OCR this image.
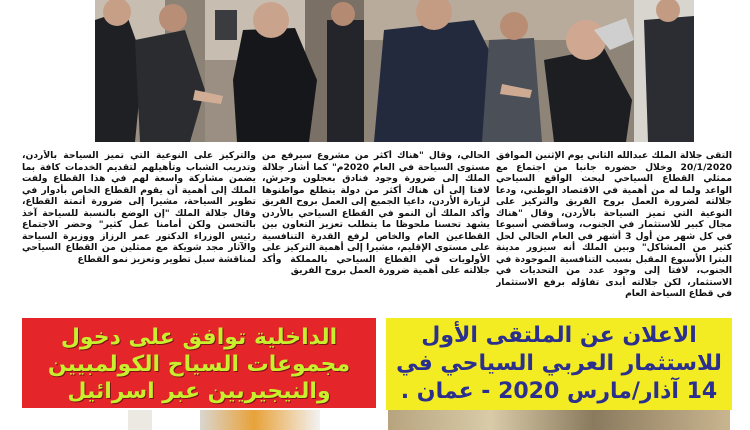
التقى جلالة الملك عبدالله الثاني يوم الإثنين الموافق 20/1/2020 وخلال حضوره جانبا من اجتماع مع ممثلي القطاع السياحي لبحث الواقع السياحي الواعد ولما له من أهمية في الاقتصاد الوطني، ودعا جلالته لضرورة العمل بروح الفريق والتركيز على النوعية التي تميز السياحة بالأردن، وقال "هناك مجال كبير للاستثمار في الجنوب، وسأقضي أسبوعا في كل شهر من أول 3 أشهر في العام الحالي لحل كثير من المشاكل" وبين الملك أنه سيزور مدينة البترا الأسبوع المقبل بسبب التنافسية الموجودة في الجنوب، لافتا إلى وجود عدد من التحديات في الاستثمار، لكن جلالته أبدى تفاؤله برفع الاستثمار في قطاع السياحة العام

الحالي، وقال "هناك أكثر من مشروع سيرفع من مستوى السياحة في العام 2020م" كما أشار جلالة الملك إلى ضرورة وجود فنادق بعجلون وجرش، لافتا إلى أن هناك أكثر من دولة يتطلع مواطنوها لزيارة الأردن، داعيا الجميع إلى العمل بروح الفريق وأكد الملك أن النمو في القطاع السياحي بالأردن يشهد تحسنا ملحوظا ما يتطلب تعزيز التعاون بين القطاعين العام والخاص لرفع القدرة التنافسية على مستوى الإقليم، مشيرا إلى أهمية التركيز على الأولويات في القطاع السياحي بالمملكة وأكد جلالته على أهمية ضرورة العمل بروح الفريق

والتركيز على النوعية التي تميز السياحة بالأردن، وتدريب الشباب وتأهيلهم لتقديم الخدمات كافة بما يضمن مشاركة واسعة لهم في هذا القطاع ولفت الملك إلى أهمية أن يقوم القطاع الخاص بأدوار في تطوير السياحة، مشيرا إلى ضرورة أتمتة القطاع، وقال جلالة الملك "إن الوضع بالنسبة للسياحة آخذ بالتحسن ولكن أمامنا عمل كثير" وحضر الاجتماع رئيس الوزراء الدكتور عمر الرزاز ووزيرة السياحة والآثار مجد شويكة مع ممثلين من القطاع السياحي لمناقشة سبل تطوير وتعزيز نمو القطاع

الداخلية توافق على دخول
مجموعات السياح الكولمبيين
والنيجيريين عبر اسرائيل
الاعلان عن الملتقى الأول
للاستثمار العربي السياحي في
14 آذار/مارس 2020 - عمان .
